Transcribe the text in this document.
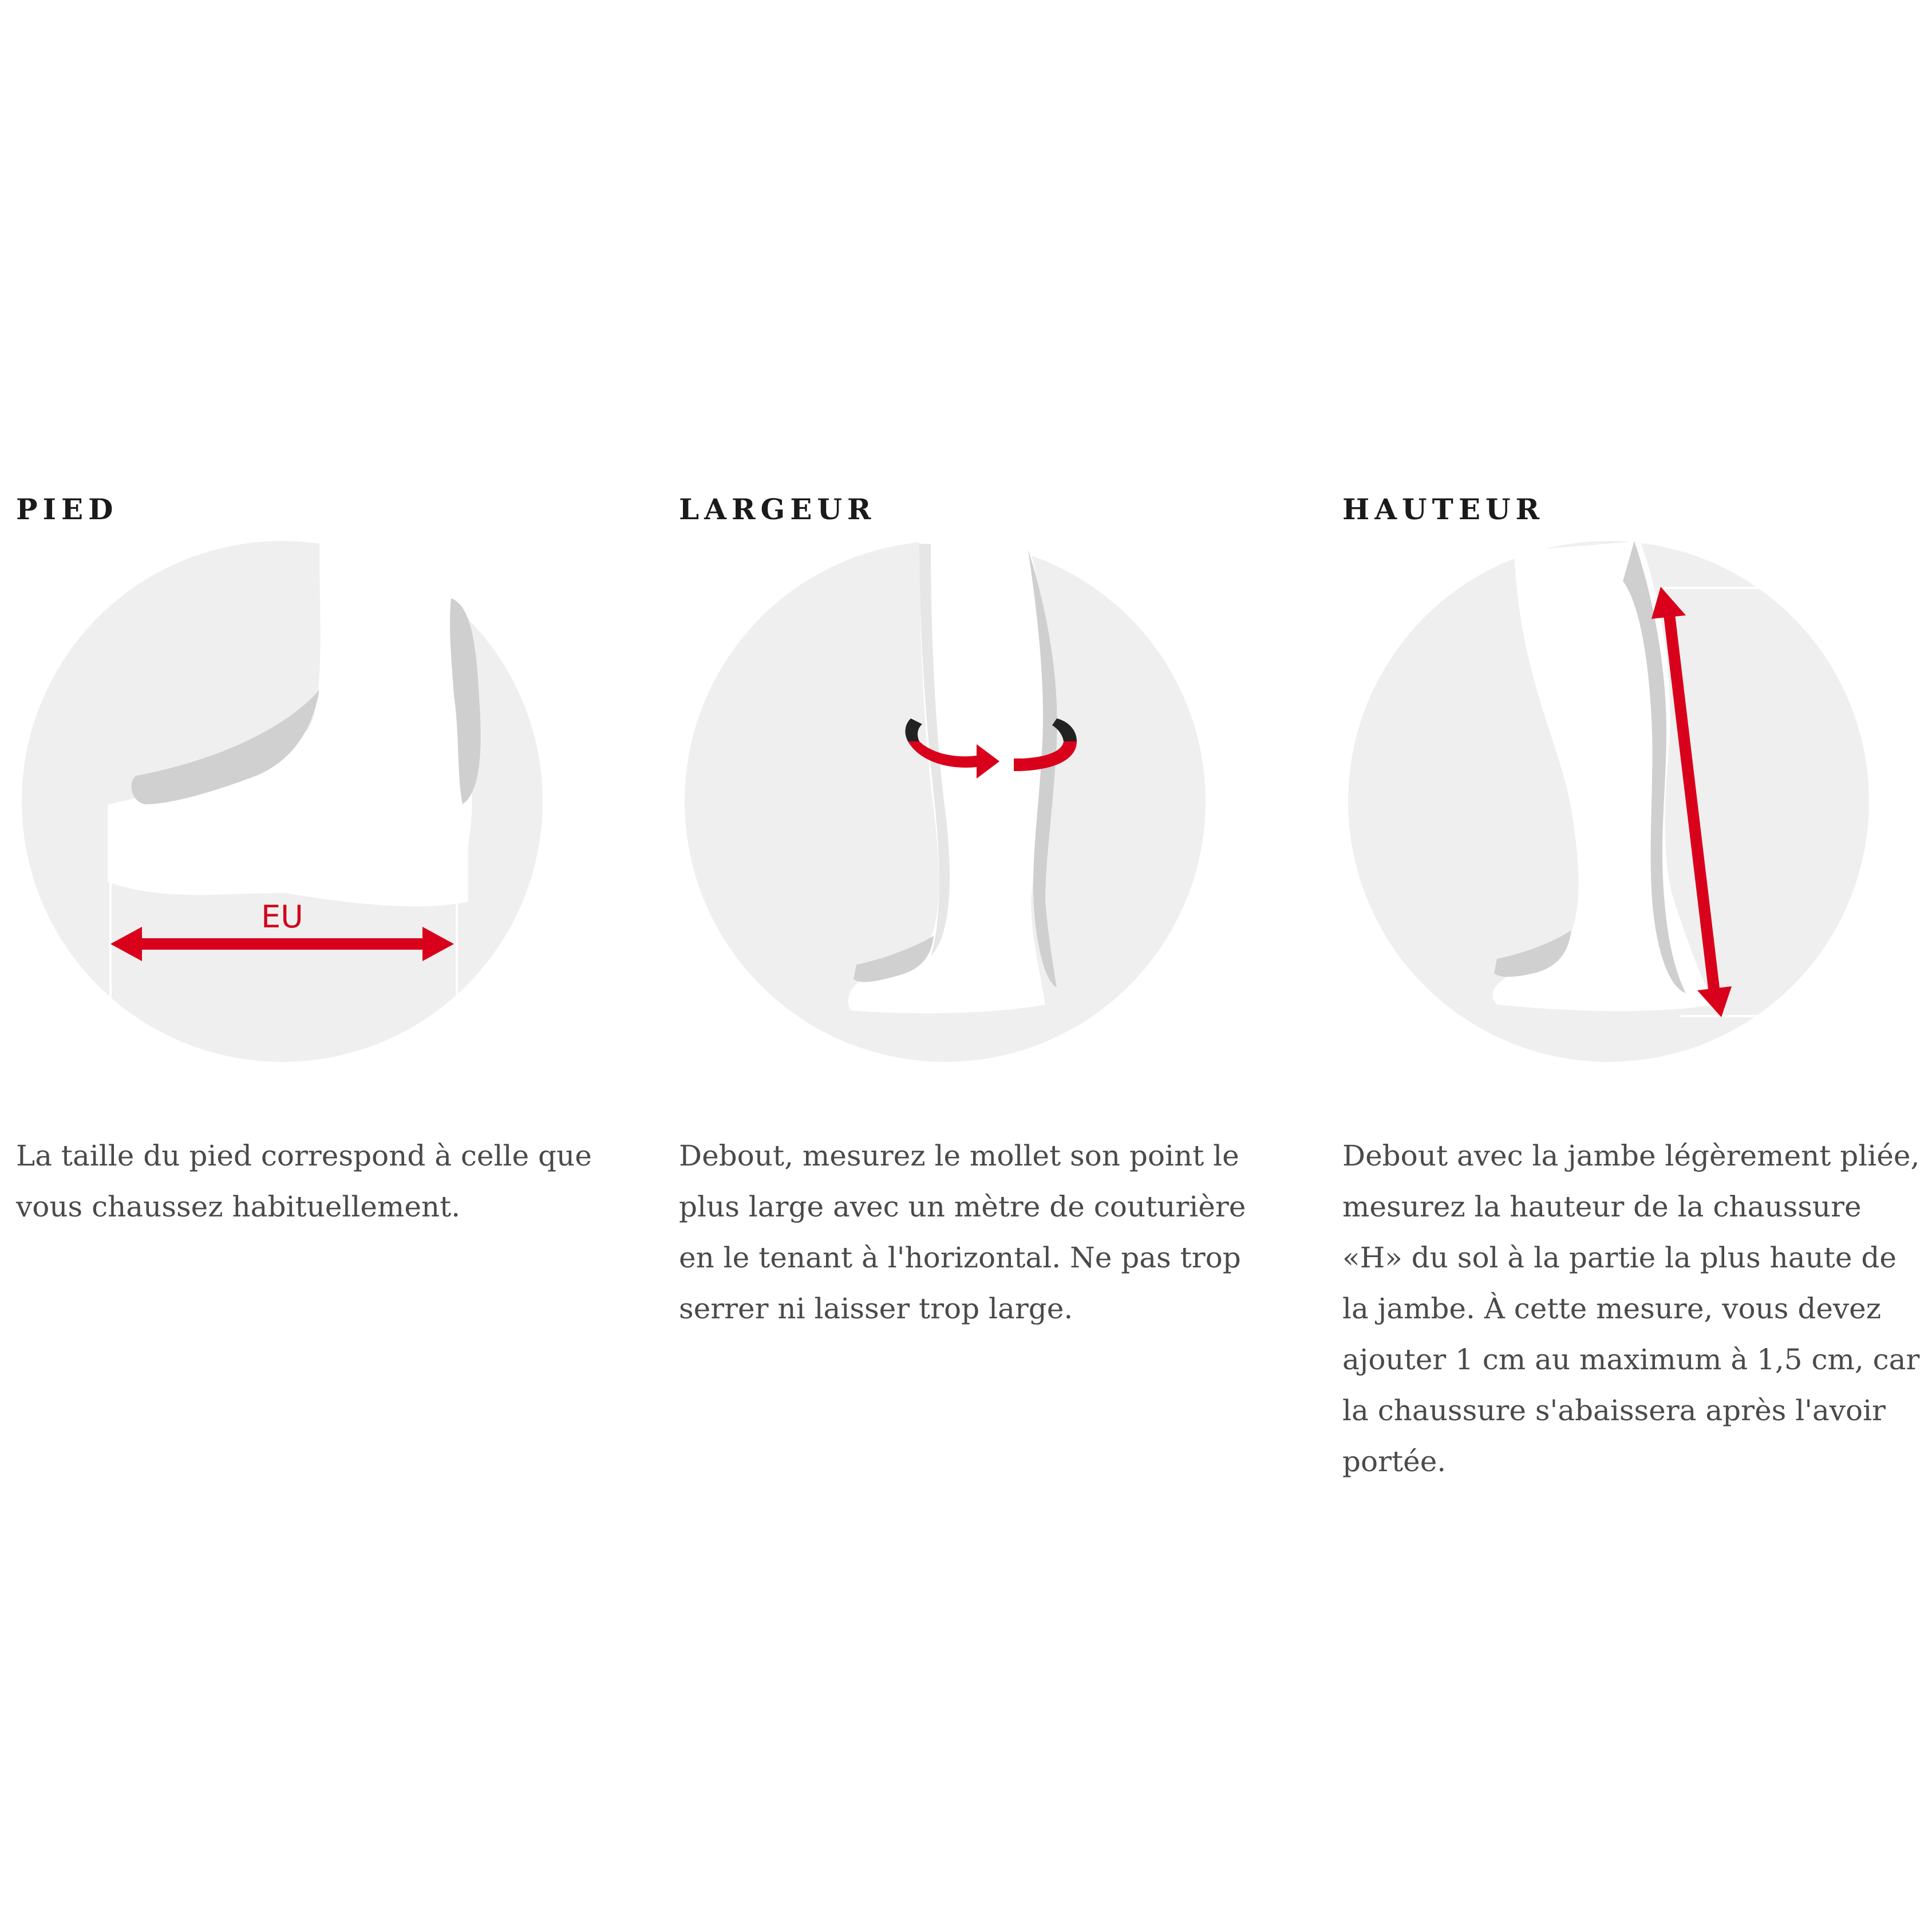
PIED
EU

La taille du pied correspond à celle que vous chaussez habituellement.

LARGEUR

Debout, mesurez le mollet son point le plus large avec un mètre de couturière en le tenant à l'horizontal. Ne pas trop serrer ni laisser trop large.

HAUTEUR

Debout avec la jambe légèrement pliée, mesurez la hauteur de la chaussure «H» du sol à la partie la plus haute de la jambe. À cette mesure, vous devez ajouter 1 cm au maximum à 1,5 cm, car la chaussure s'abaissera après l'avoir portée.
